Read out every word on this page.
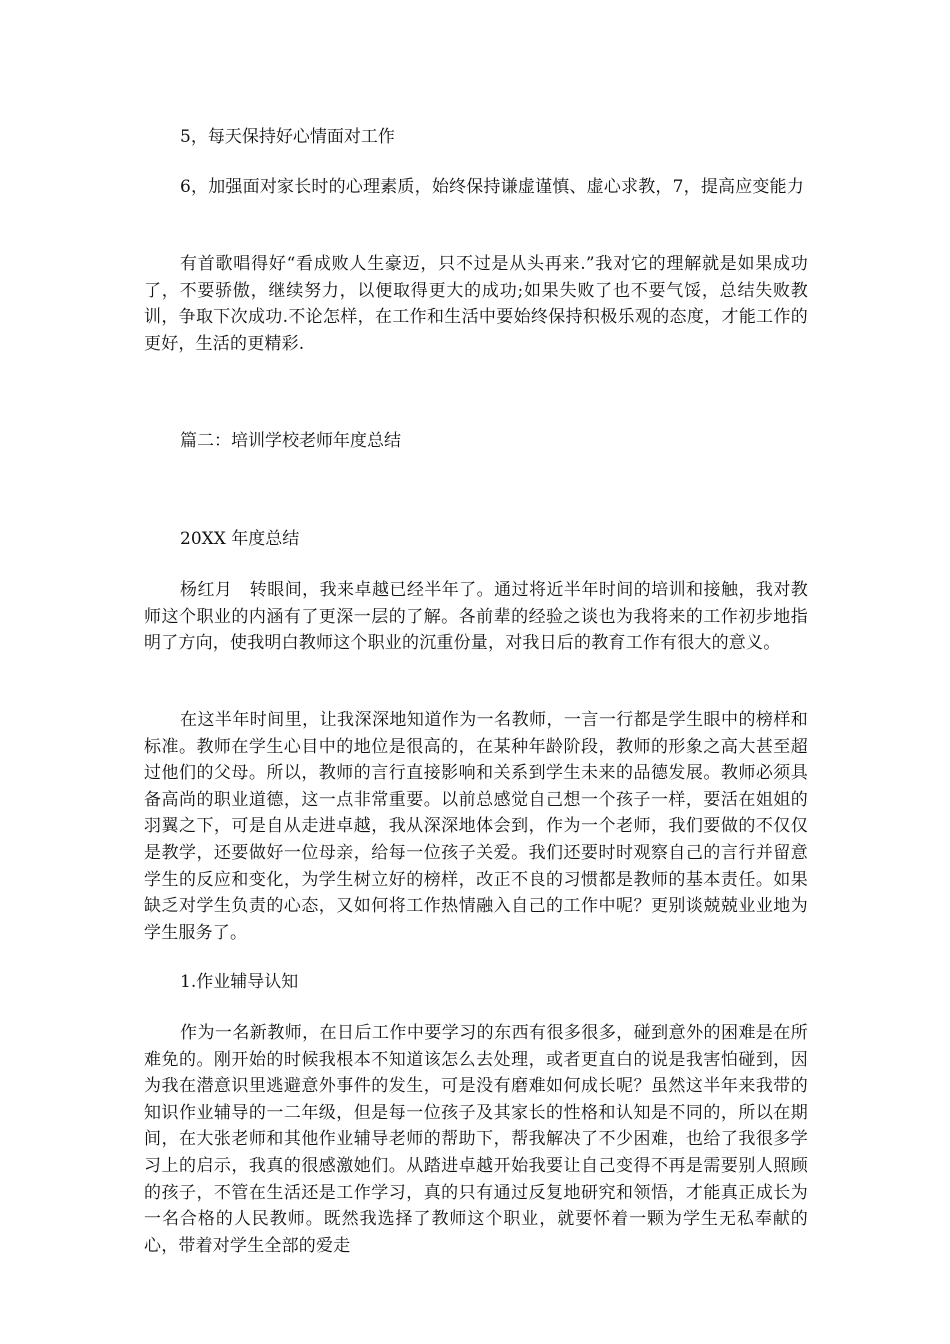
5，每天保持好心情面对工作

6，加强面对家长时的心理素质，始终保持谦虚谨慎、虚心求教，7，提高应变能力

有首歌唱得好“看成败人生豪迈，只不过是从头再来.”我对它的理解就是如果成功了，不要骄傲，继续努力，以便取得更大的成功;如果失败了也不要气馁，总结失败教训，争取下次成功.不论怎样，在工作和生活中要始终保持积极乐观的态度，才能工作的更好，生活的更精彩.

篇二：培训学校老师年度总结

20XX 年度总结

杨红月　转眼间，我来卓越已经半年了。通过将近半年时间的培训和接触，我对教师这个职业的内涵有了更深一层的了解。各前辈的经验之谈也为我将来的工作初步地指明了方向，使我明白教师这个职业的沉重份量，对我日后的教育工作有很大的意义。

在这半年时间里，让我深深地知道作为一名教师，一言一行都是学生眼中的榜样和标准。教师在学生心目中的地位是很高的，在某种年龄阶段，教师的形象之高大甚至超过他们的父母。所以，教师的言行直接影响和关系到学生未来的品德发展。教师必须具备高尚的职业道德，这一点非常重要。以前总感觉自己想一个孩子一样，要活在姐姐的羽翼之下，可是自从走进卓越，我从深深地体会到，作为一个老师，我们要做的不仅仅是教学，还要做好一位母亲，给每一位孩子关爱。我们还要时时观察自己的言行并留意学生的反应和变化，为学生树立好的榜样，改正不良的习惯都是教师的基本责任。如果缺乏对学生负责的心态，又如何将工作热情融入自己的工作中呢？更别谈兢兢业业地为学生服务了。

1.作业辅导认知

作为一名新教师，在日后工作中要学习的东西有很多很多，碰到意外的困难是在所难免的。刚开始的时候我根本不知道该怎么去处理，或者更直白的说是我害怕碰到，因为我在潜意识里逃避意外事件的发生，可是没有磨难如何成长呢？虽然这半年来我带的知识作业辅导的一二年级，但是每一位孩子及其家长的性格和认知是不同的，所以在期间，在大张老师和其他作业辅导老师的帮助下，帮我解决了不少困难，也给了我很多学习上的启示，我真的很感激她们。从踏进卓越开始我要让自己变得不再是需要别人照顾的孩子，不管在生活还是工作学习，真的只有通过反复地研究和领悟，才能真正成长为一名合格的人民教师。既然我选择了教师这个职业，就要怀着一颗为学生无私奉献的心，带着对学生全部的爱走
